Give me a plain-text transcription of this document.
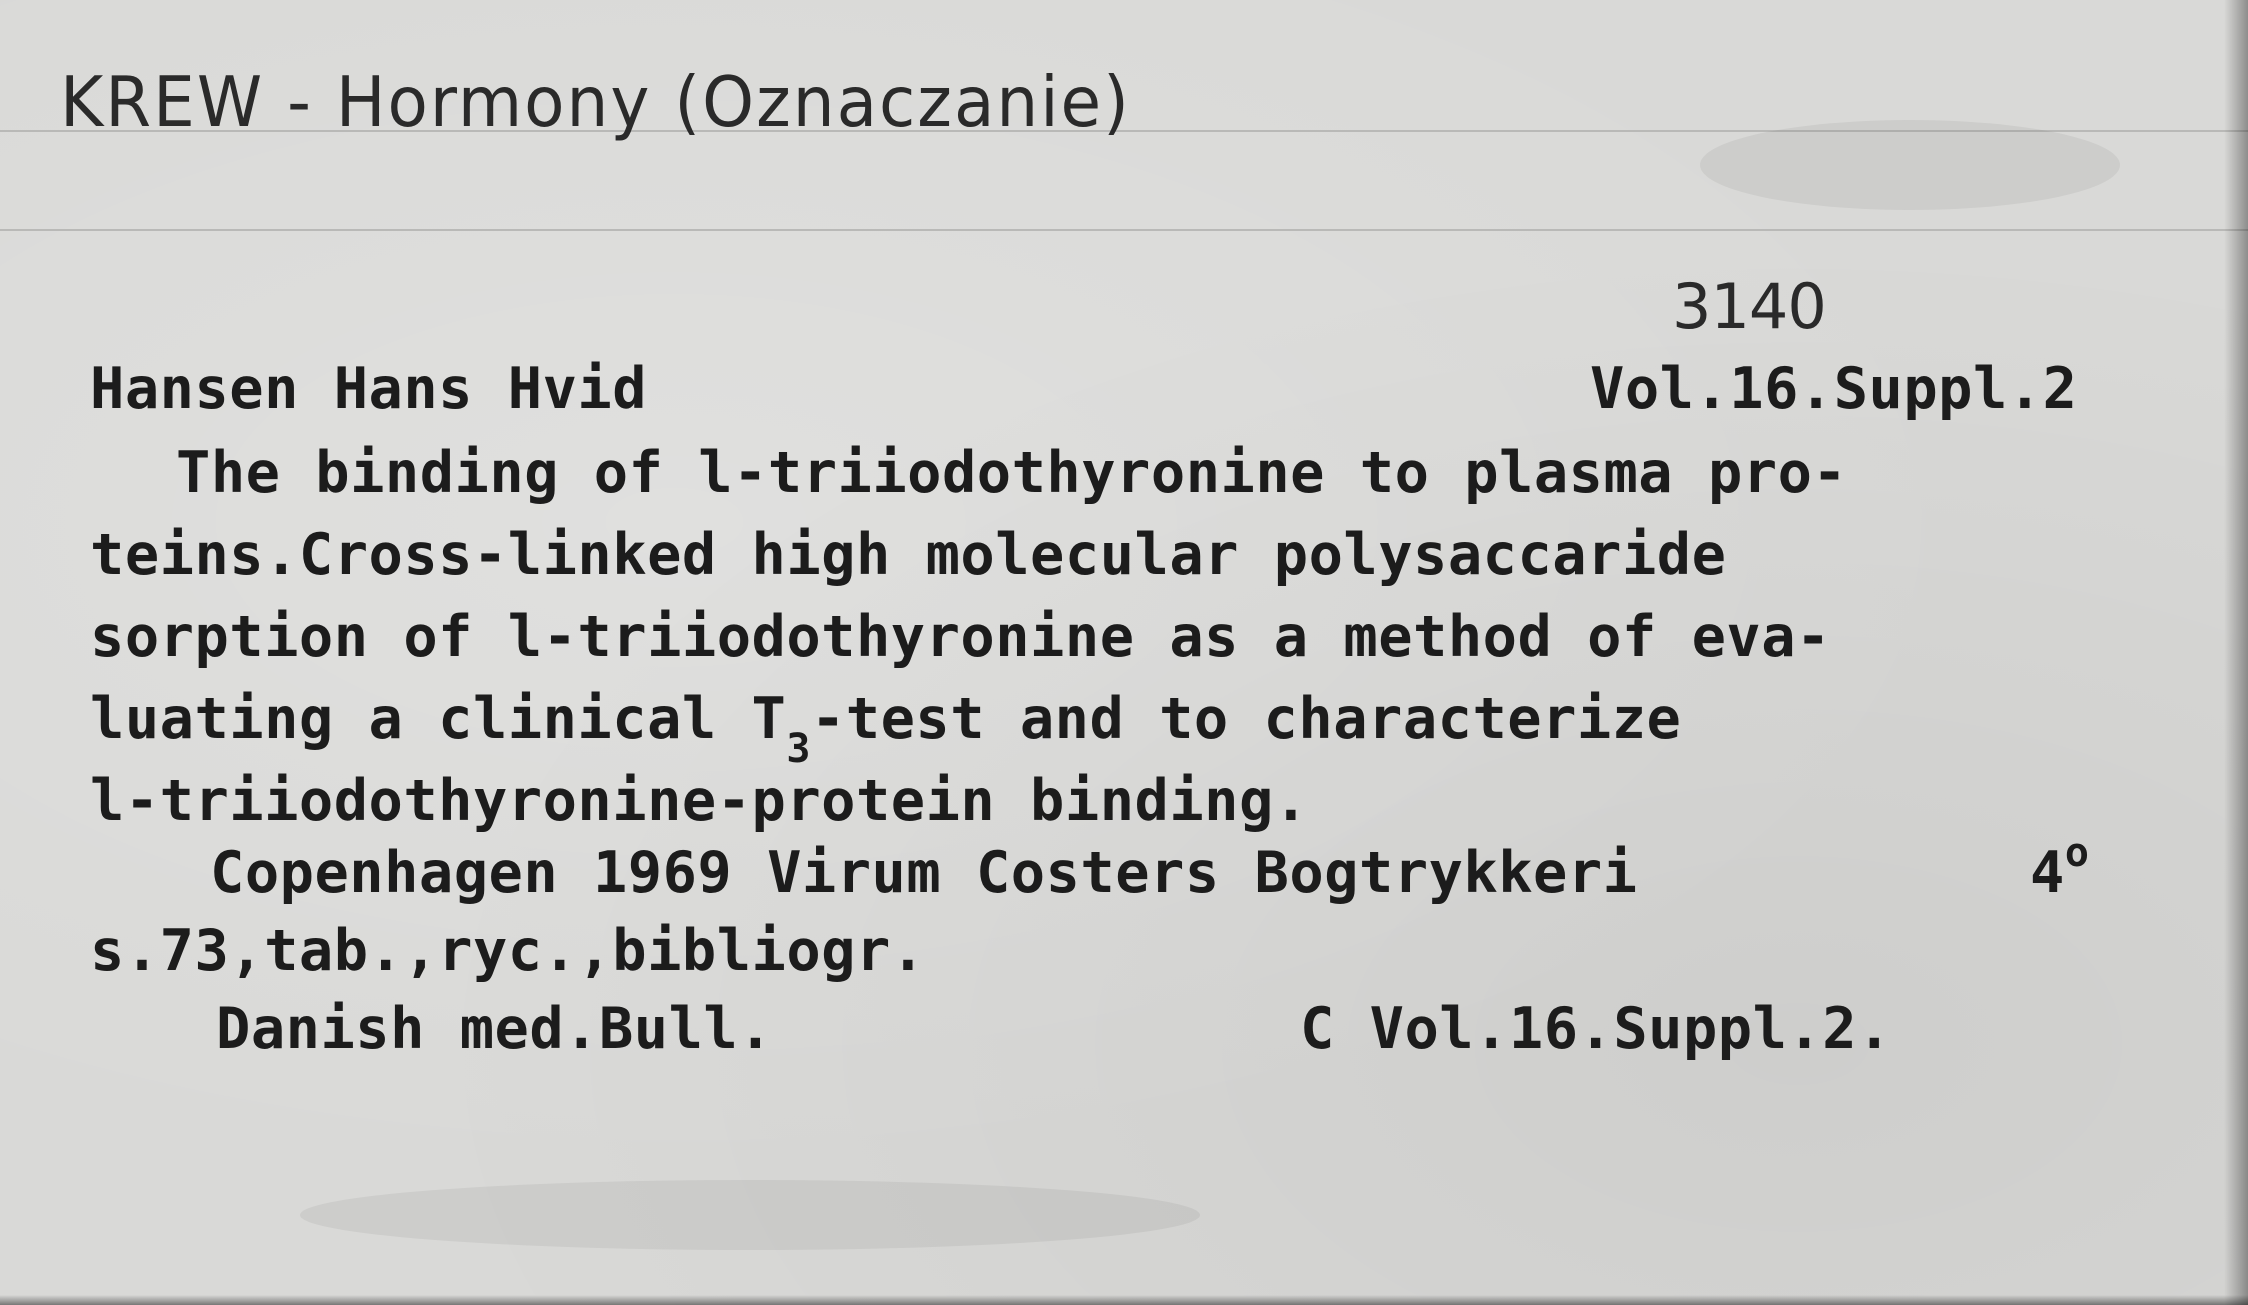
KREW - Hormony (Oznaczanie)
3140
Hansen Hans Hvid	Vol.16.Suppl.2
The binding of l-triiodothyronine to plasma pro-
teins.Cross-linked high molecular polysaccaride
sorption of l-triiodothyronine as a method of eva-
luating a clinical $T_3$-test and to characterize
l-triiodothyronine-protein binding.
Copenhagen 1969 Virum Costers Bogtrykkeri	4$^o$
s.73,tab.,ryc.,bibliogr.
Danish med.Bull.	C Vol.16.Suppl.2.
